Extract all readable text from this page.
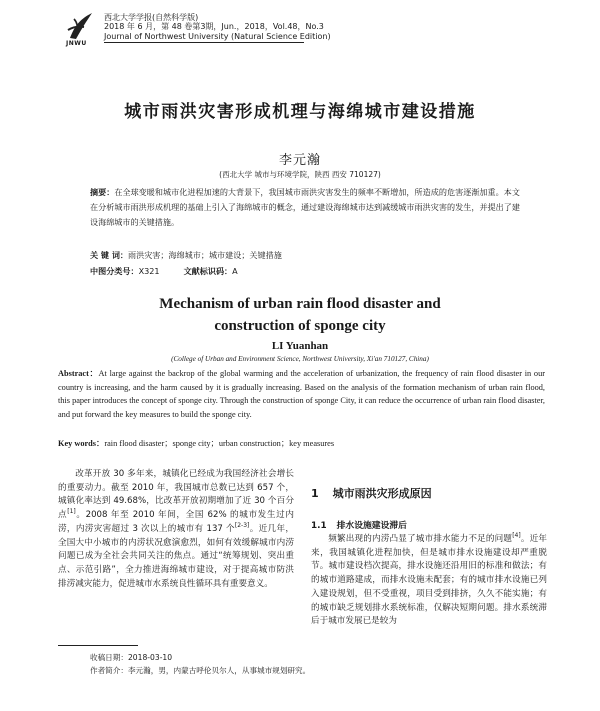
JNWU
西北大学学报(自然科学版)
2018 年 6 月，第 48 卷第3期，Jun.，2018，Vol.48，No.3
Journal of Northwest University (Natural Science Edition)
城市雨洪灾害形成机理与海绵城市建设措施
李元瀚
(西北大学 城市与环境学院，陕西 西安 710127)
摘要：在全球变暖和城市化进程加速的大背景下，我国城市雨洪灾害发生的频率不断增加，所造成的危害逐渐加重。本文在分析城市雨洪形成机理的基础上引入了海绵城市的概念，通过建设海绵城市达到减缓城市雨洪灾害的发生，并提出了建设海绵城市的关键措施。
关 键 词：雨洪灾害；海绵城市；城市建设；关键措施
中图分类号：X321	文献标识码：A
Mechanism of urban rain flood disaster and
construction of sponge city
LI Yuanhan
(College of Urban and Environment Science, Northwest University, Xi'an 710127, China)
Abstract：At large against the backrop of the global warming and the acceleration of urbanization, the frequency of rain flood disaster in our country is increasing, and the harm caused by it is gradually increasing. Based on the analysis of the formation mechanism of urban rain flood, this paper introduces the concept of sponge city. Through the construction of sponge City, it can reduce the occurrence of urban rain flood disaster, and put forward the key measures to build the sponge city.
Key words：rain flood disaster；sponge city；urban construction；key measures

改革开放 30 多年来，城镇化已经成为我国经济社会增长的重要动力。截至 2010 年，我国城市总数已达到 657 个，城镇化率达到 49.68%，比改革开放初期增加了近 30 个百分点[1]。2008 年至 2010 年间，全国 62% 的城市发生过内涝，内涝灾害超过 3 次以上的城市有 137 个[2-3]。近几年，全国大中小城市的内涝状况愈演愈烈，如何有效缓解城市内涝问题已成为全社会共同关注的焦点。通过“统筹规划、突出重点、示范引路”，全力推进海绵城市建设，对于提高城市防洪排涝减灾能力，促进城市水系统良性循环具有重要意义。

1 城市雨洪灾形成原因
1.1 排水设施建设滞后

频繁出现的内涝凸显了城市排水能力不足的问题[4]。近年来，我国城镇化进程加快，但是城市排水设施建设却严重脱节。城市建设档次提高，排水设施还沿用旧的标准和做法；有的城市道路建成，而排水设施未配套；有的城市排水设施已列入建设规划，但不受重视，项目受到排挤，久久不能实施；有的城市缺乏规划排水系统标准，仅解决短期问题。排水系统滞后于城市发展已是较为

收稿日期：2018-03-10
作者简介：李元瀚，男，内蒙古呼伦贝尔人，从事城市规划研究。
